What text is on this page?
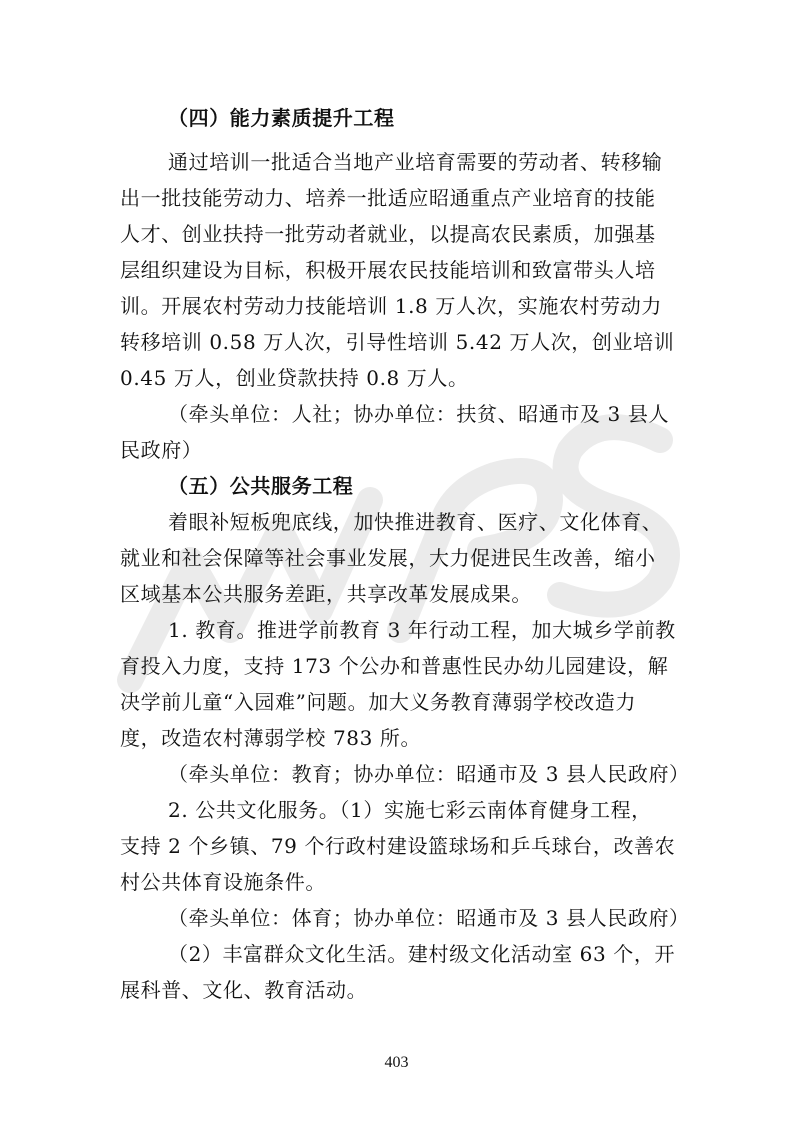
（四）能力素质提升工程
通过培训一批适合当地产业培育需要的劳动者、转移输
出一批技能劳动力、培养一批适应昭通重点产业培育的技能
人才、创业扶持一批劳动者就业，以提高农民素质，加强基
层组织建设为目标，积极开展农民技能培训和致富带头人培
训。开展农村劳动力技能培训 1.8 万人次，实施农村劳动力
转移培训 0.58 万人次，引导性培训 5.42 万人次，创业培训
0.45 万人，创业贷款扶持 0.8 万人。
（牵头单位：人社；协办单位：扶贫、昭通市及 3 县人
民政府）
（五）公共服务工程
着眼补短板兜底线，加快推进教育、医疗、文化体育、
就业和社会保障等社会事业发展，大力促进民生改善，缩小
区域基本公共服务差距，共享改革发展成果。
1. 教育。推进学前教育 3 年行动工程，加大城乡学前教
育投入力度，支持 173 个公办和普惠性民办幼儿园建设，解
决学前儿童“入园难”问题。加大义务教育薄弱学校改造力
度，改造农村薄弱学校 783 所。
（牵头单位：教育；协办单位：昭通市及 3 县人民政府）
2. 公共文化服务。（1）实施七彩云南体育健身工程，
支持 2 个乡镇、79 个行政村建设篮球场和乒乓球台，改善农
村公共体育设施条件。
（牵头单位：体育；协办单位：昭通市及 3 县人民政府）
（2）丰富群众文化生活。建村级文化活动室 63 个，开
展科普、文化、教育活动。
403
